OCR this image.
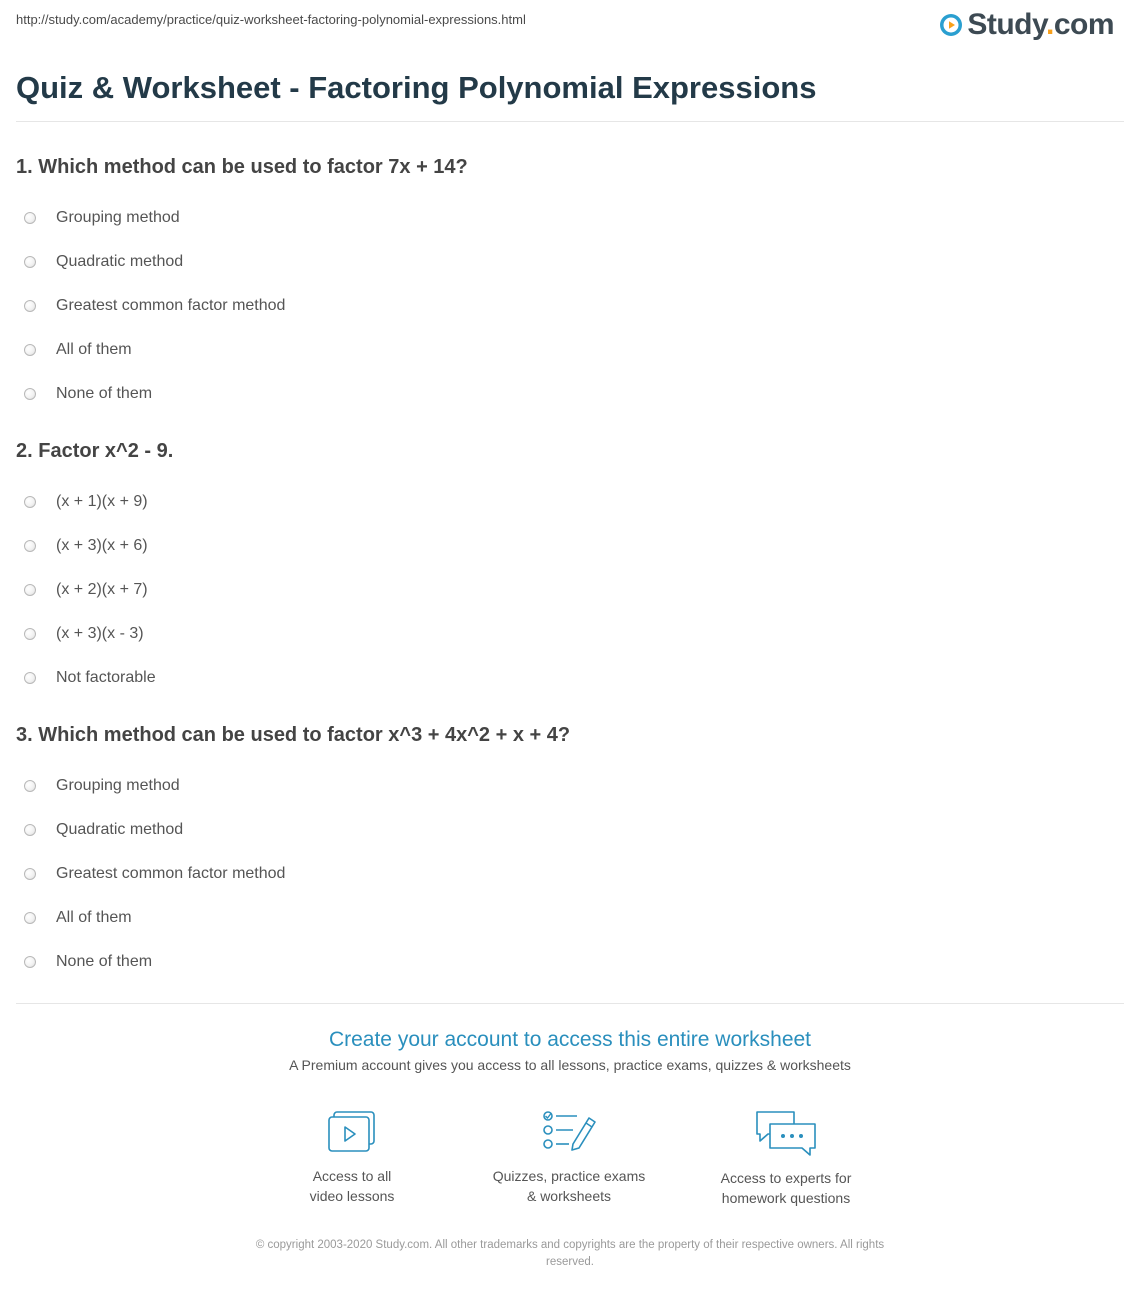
http://study.com/academy/practice/quiz-worksheet-factoring-polynomial-expressions.html	Study.com
Quiz & Worksheet - Factoring Polynomial Expressions
1. Which method can be used to factor 7x + 14?
Grouping method
Quadratic method
Greatest common factor method
All of them
None of them
2. Factor x^2 - 9.
(x + 1)(x + 9)
(x + 3)(x + 6)
(x + 2)(x + 7)
(x + 3)(x - 3)
Not factorable
3. Which method can be used to factor x^3 + 4x^2 + x + 4?
Grouping method
Quadratic method
Greatest common factor method
All of them
None of them
Create your account to access this entire worksheet
A Premium account gives you access to all lessons, practice exams, quizzes & worksheets
Access to all
video lessons
Quizzes, practice exams
& worksheets
Access to experts for
homework questions
© copyright 2003-2020 Study.com. All other trademarks and copyrights are the property of their respective owners. All rights
reserved.
